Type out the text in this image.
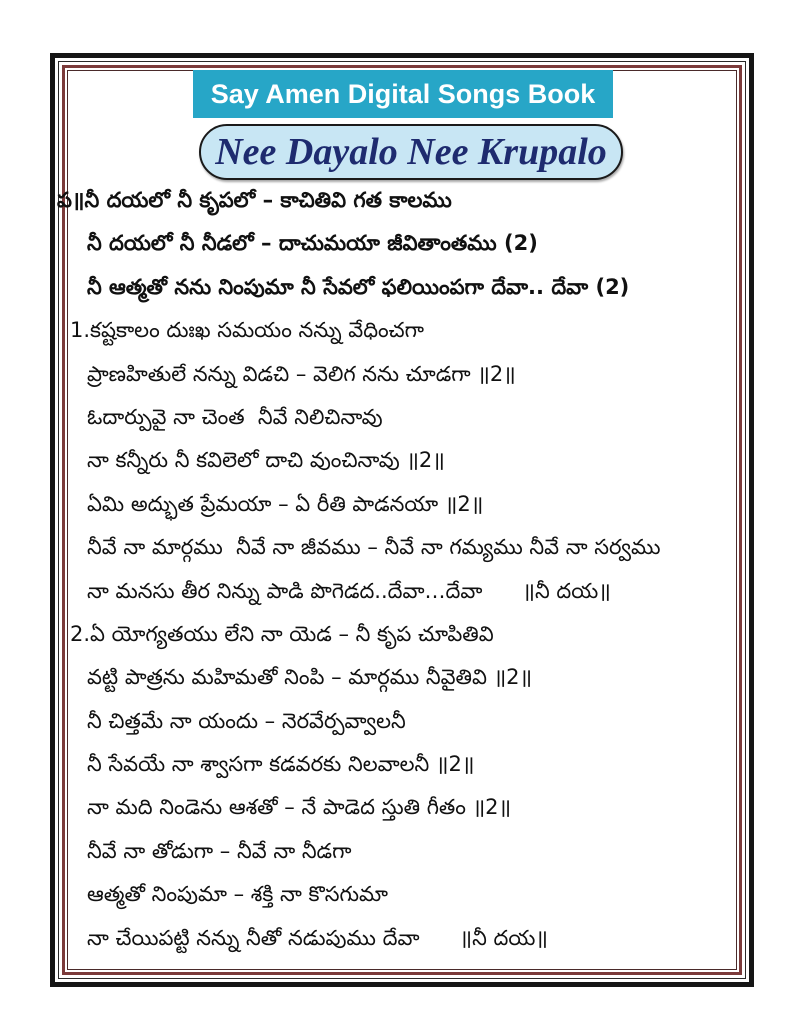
Say Amen Digital Songs Book
Nee Dayalo Nee Krupalo
ప॥నీ దయలో నీ కృపలో – కాచితివి గత కాలము
నీ దయలో నీ నీడలో – దాచుమయా జీవితాంతము (2)
నీ ఆత్మతో నను నింపుమా నీ సేవలో ఫలియింపగా దేవా.. దేవా (2)
1.కష్టకాలం దుఃఖ సమయం నన్ను వేధించగా
ప్రాణహితులే నన్ను విడచి – వెలిగ నను చూడగా ॥2॥
ఓదార్పువై నా చెంత  నీవే నిలిచినావు
నా కన్నీరు నీ కవిలెలో దాచి వుంచినావు ॥2॥
ఏమి అద్భుత ప్రేమయా – ఏ రీతి పాడనయా ॥2॥
నీవే నా మార్గము  నీవే నా జీవము – నీవే నా గమ్యము నీవే నా సర్వము
నా మనసు తీర నిన్ను పాడి పొగెడద..దేవా…దేవా      ॥నీ దయ॥
2.ఏ యోగ్యతయు లేని నా యెడ – నీ కృప చూపితివి
వట్టి పాత్రను మహిమతో నింపి – మార్గము నీవైతివి ॥2॥
నీ చిత్తమే నా యందు – నెరవేర్పవ్వాలనీ
నీ సేవయే నా శ్వాసగా కడవరకు నిలవాలనీ ॥2॥
నా మది నిండెను ఆశతో – నే పాడెద స్తుతి గీతం ॥2॥
నీవే నా తోడుగా – నీవే నా నీడగా
ఆత్మతో నింపుమా – శక్తి నా కొసగుమా
నా చేయిపట్టి నన్ను నీతో నడుపుము దేవా      ॥నీ దయ॥
